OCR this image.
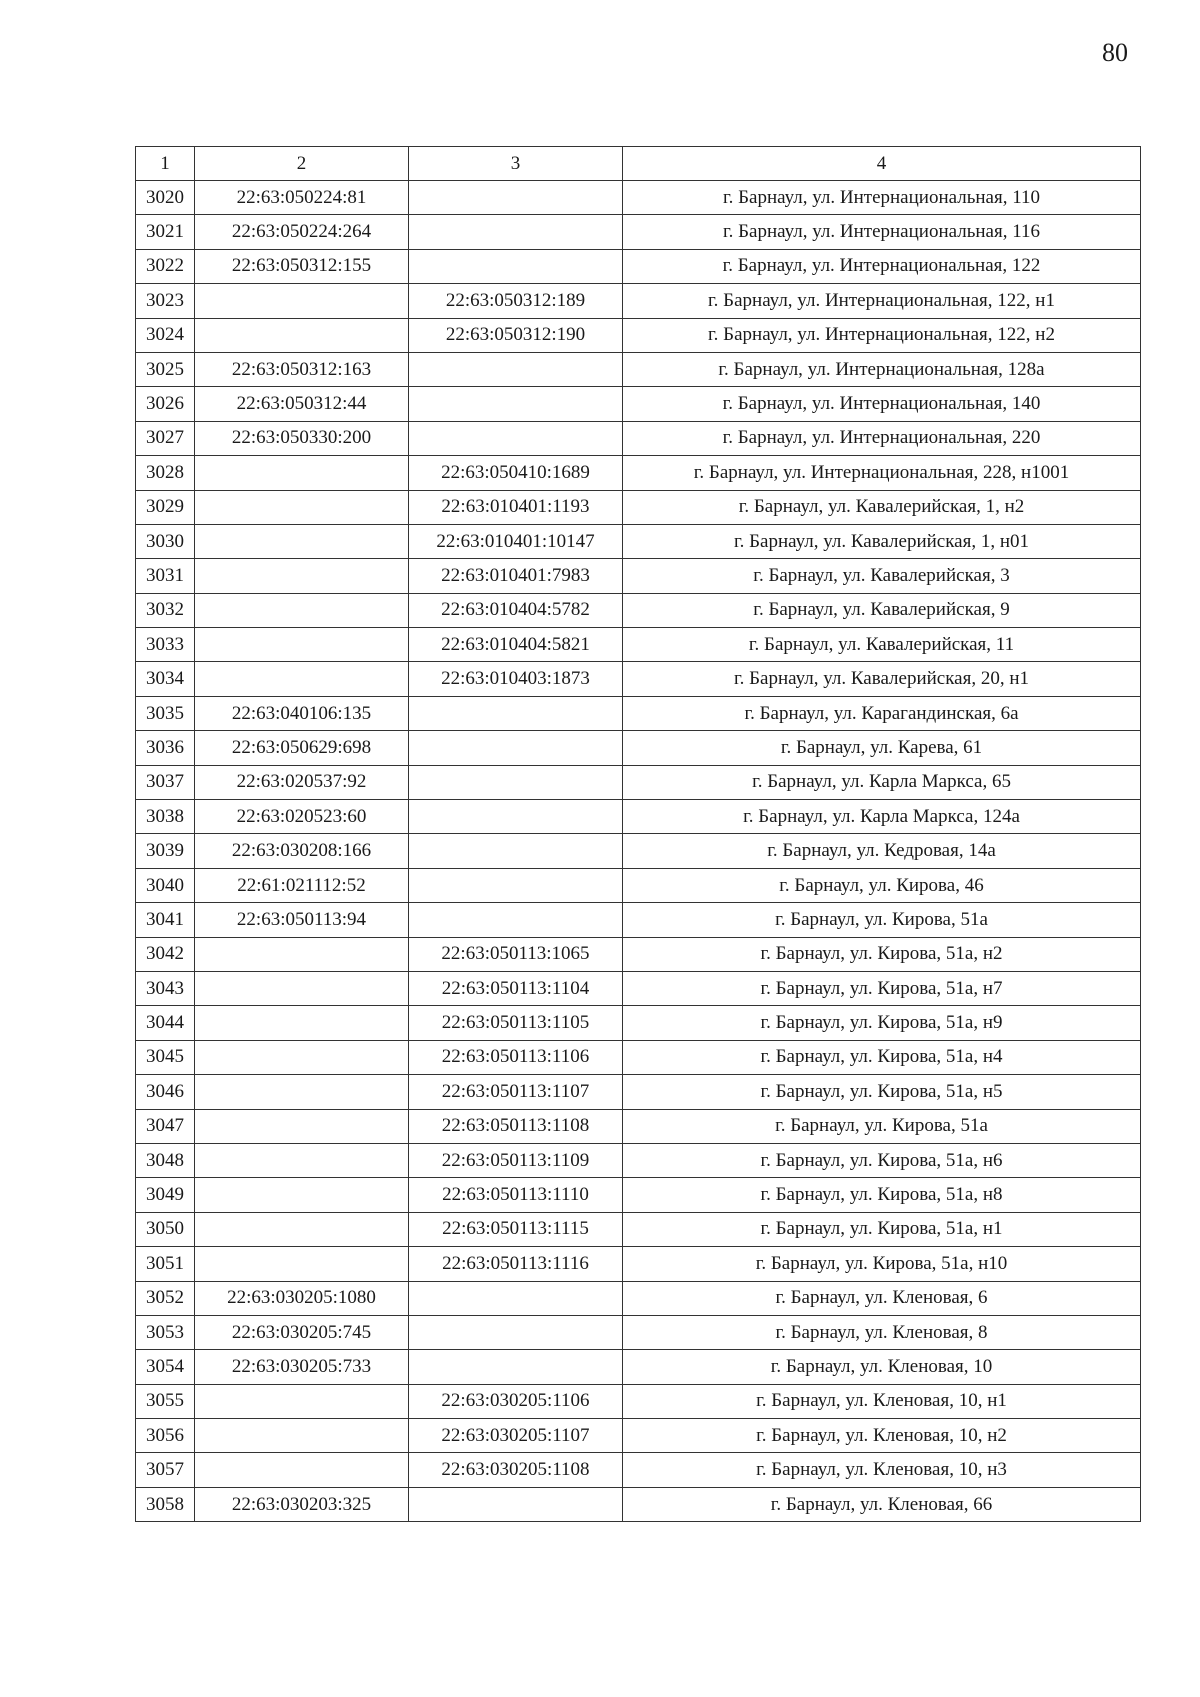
80
1	2	3	4
3020	22:63:050224:81		г. Барнаул, ул. Интернациональная, 110
3021	22:63:050224:264		г. Барнаул, ул. Интернациональная, 116
3022	22:63:050312:155		г. Барнаул, ул. Интернациональная, 122
3023		22:63:050312:189	г. Барнаул, ул. Интернациональная, 122, н1
3024		22:63:050312:190	г. Барнаул, ул. Интернациональная, 122, н2
3025	22:63:050312:163		г. Барнаул, ул. Интернациональная, 128а
3026	22:63:050312:44		г. Барнаул, ул. Интернациональная, 140
3027	22:63:050330:200		г. Барнаул, ул. Интернациональная, 220
3028		22:63:050410:1689	г. Барнаул, ул. Интернациональная, 228, н1001
3029		22:63:010401:1193	г. Барнаул, ул. Кавалерийская, 1, н2
3030		22:63:010401:10147	г. Барнаул, ул. Кавалерийская, 1, н01
3031		22:63:010401:7983	г. Барнаул, ул. Кавалерийская, 3
3032		22:63:010404:5782	г. Барнаул, ул. Кавалерийская, 9
3033		22:63:010404:5821	г. Барнаул, ул. Кавалерийская, 11
3034		22:63:010403:1873	г. Барнаул, ул. Кавалерийская, 20, н1
3035	22:63:040106:135		г. Барнаул, ул. Карагандинская, 6а
3036	22:63:050629:698		г. Барнаул, ул. Карева, 61
3037	22:63:020537:92		г. Барнаул, ул. Карла Маркса, 65
3038	22:63:020523:60		г. Барнаул, ул. Карла Маркса, 124а
3039	22:63:030208:166		г. Барнаул, ул. Кедровая, 14а
3040	22:61:021112:52		г. Барнаул, ул. Кирова, 46
3041	22:63:050113:94		г. Барнаул, ул. Кирова, 51а
3042		22:63:050113:1065	г. Барнаул, ул. Кирова, 51а, н2
3043		22:63:050113:1104	г. Барнаул, ул. Кирова, 51а, н7
3044		22:63:050113:1105	г. Барнаул, ул. Кирова, 51а, н9
3045		22:63:050113:1106	г. Барнаул, ул. Кирова, 51а, н4
3046		22:63:050113:1107	г. Барнаул, ул. Кирова, 51а, н5
3047		22:63:050113:1108	г. Барнаул, ул. Кирова, 51а
3048		22:63:050113:1109	г. Барнаул, ул. Кирова, 51а, н6
3049		22:63:050113:1110	г. Барнаул, ул. Кирова, 51а, н8
3050		22:63:050113:1115	г. Барнаул, ул. Кирова, 51а, н1
3051		22:63:050113:1116	г. Барнаул, ул. Кирова, 51а, н10
3052	22:63:030205:1080		г. Барнаул, ул. Кленовая, 6
3053	22:63:030205:745		г. Барнаул, ул. Кленовая, 8
3054	22:63:030205:733		г. Барнаул, ул. Кленовая, 10
3055		22:63:030205:1106	г. Барнаул, ул. Кленовая, 10, н1
3056		22:63:030205:1107	г. Барнаул, ул. Кленовая, 10, н2
3057		22:63:030205:1108	г. Барнаул, ул. Кленовая, 10, н3
3058	22:63:030203:325		г. Барнаул, ул. Кленовая, 66
